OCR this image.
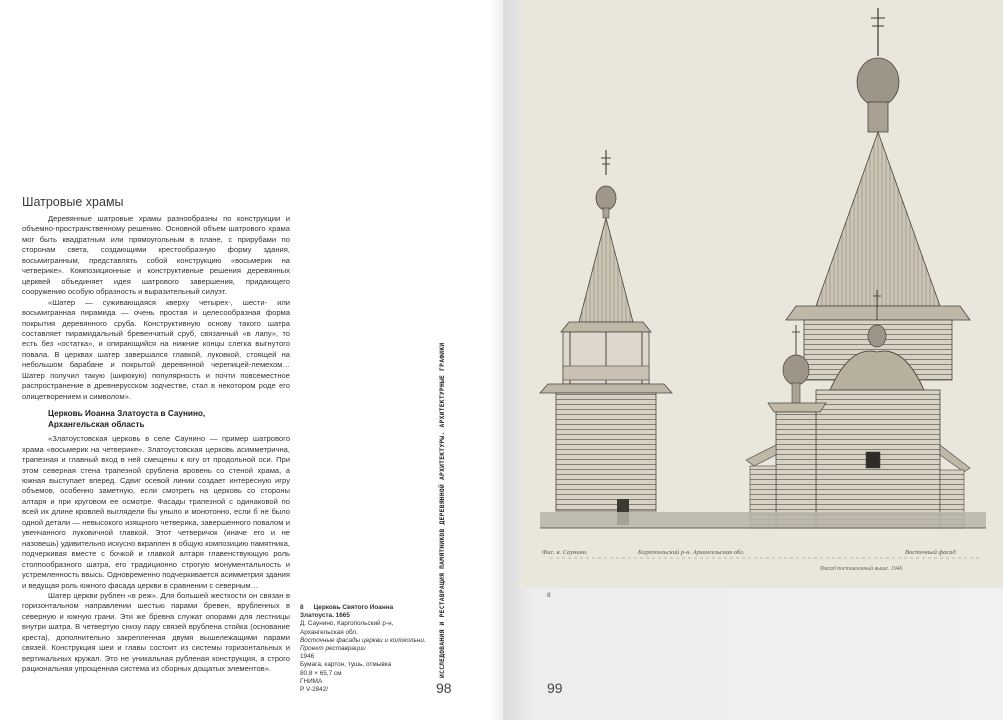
Шатровые храмы

Деревянные шатровые храмы разнообразны по конструкции и объемно-пространственному решению. Основной объем шатрового храма мог быть квадратным или прямоугольным в плане, с прирубами по сторонам света, создающими крестообразную форму здания, восьмигранным, представлять собой конструкцию «восьмерик на четверике». Композиционные и конструктивные решения деревянных церквей объединяет идея шатрового завершения, придающего сооружению особую образность и выразительный силуэт.

«Шатер — суживающаяся кверху четырех-, шести- или восьмигранная пирамида — очень простая и целесообразная форма покрытия деревянного сруба. Конструктивную основу такого шатра составляет пирамидальный бревенчатый сруб, связанный «в лапу», то есть без «остатка», и опирающийся на нижние концы слегка выгнутого повала. В церквах шатер завершался главкой, луковкой, стоящей на небольшом барабане и покрытой деревянной черепицей-лемехом… Шатер получил такую (широкую) популярность и почти повсеместное распространение в древнерусском зодчестве, стал в некотором роде его олицетворением и символом».

Церковь Иоанна Златоуста в Саунино,
Архангельская область

«Златоустовская церковь в селе Саунино — пример шатрового храма «восьмерик на четверике». Златоустовская церковь асимметрична, трапезная и главный вход в ней смещены к югу от продольной оси. При этом северная стена трапезной срублена вровень со стеной храма, а южная выступает вперед. Сдвиг осевой линии создает интересную игру объемов, особенно заметную, если смотреть на церковь со стороны алтаря и при круговом ее осмотре. Фасады трапезной с одинаковой по всей их длине кровлей выглядели бы уныло и монотонно, если б не было одной детали — невысокого изящного четверика, завершенного повалом и увенчанного луковичной главкой. Этот четверичок (иначе его и не назовешь) удивительно искусно вкраплен в общую композицию памятника, подчеркивая вместе с бочкой и главкой алтаря главенствующую роль столпообразного шатра, его традиционно строгую монументальность и устремленность ввысь. Одновременно подчеркивается асимметрия здания и ведущая роль южного фасада церкви в сравнении с северным…

Шатер церкви рублен «в реж». Для большей жесткости он связан в горизонтальном направлении шестью парами бревен, врубленных в северную и южную грани. Эти же бревна служат опорами для лестницы внутри шатра. В четвертую снизу пару связей врублена стойка (основание креста), дополнительно закрепленная двумя вышележащими парами связей. Конструкция шеи и главы состоит из системы горизонтальных и вертикальных кружал. Это не уникальная рубленая конструкция, а строго рациональная упрощенная система из сборных дощатых элементов».

8 Церковь Святого Иоанна
Златоуста. 1665
Д. Саунино, Каргопольский р-н,
Архангельская обл.
Восточные фасады церкви и колокольни.
Проект реставрации
1946
Бумага, картон, тушь, отмывка
80,8 × 65,7 см
ГНИМА
Р V-2842/
ИССЛЕДОВАНИЯ И РЕСТАВРАЦИЯ ПАМЯТНИКОВ ДЕРЕВЯННОЙ АРХИТЕКТУРЫ. АРХИТЕКТУРНЫЕ ГРАФИКИ
98
Фас. в. Саунино.	Каргопольский р-н. Архангельская обл.	Восточный фасад
Фасад поставленный выше. 1946
8
99
